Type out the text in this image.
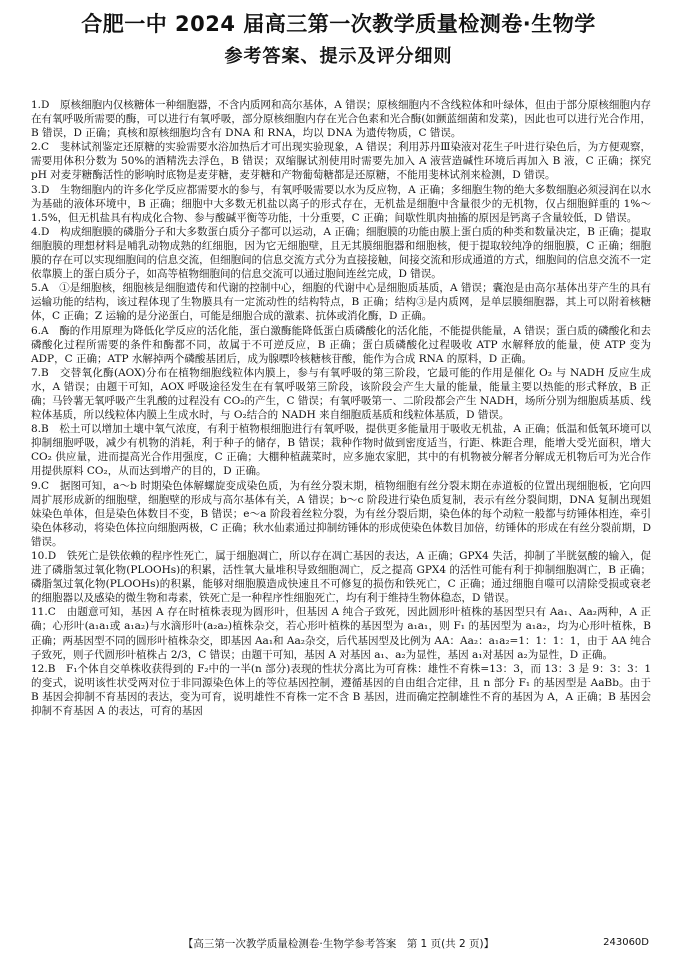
合肥一中 2024 届高三第一次教学质量检测卷·生物学
参考答案、提示及评分细则

1.D　 原核细胞内仅核糖体一种细胞器，不含内质网和高尔基体，A 错误；原核细胞内不含线粒体和叶绿体，但由于部分原核细胞内存在有氧呼吸所需要的酶，可以进行有氧呼吸，部分原核细胞内存在光合色素和光合酶(如颤蓝细菌和发菜)，因此也可以进行光合作用，B 错误，D 正确；真核和原核细胞均含有 DNA 和 RNA，均以 DNA 为遗传物质，C 错误。

2.C　 斐林试剂鉴定还原糖的实验需要水浴加热后才可出现实验现象，A 错误；利用苏丹Ⅲ染液对花生子叶进行染色后，为方便观察，需要用体积分数为 50%的酒精洗去浮色，B 错误；双缩脲试剂使用时需要先加入 A 液营造碱性环境后再加入 B 液，C 正确；探究 pH 对麦芽糖酶活性的影响时底物是麦芽糖，麦芽糖和产物葡萄糖都是还原糖，不能用斐林试剂来检测，D 错误。

3.D　 生物细胞内的许多化学反应都需要水的参与，有氧呼吸需要以水为反应物，A 正确；多细胞生物的绝大多数细胞必须浸润在以水为基础的液体环境中，B 正确；细胞中大多数无机盐以离子的形式存在，无机盐是细胞中含量很少的无机物，仅占细胞鲜重的 1%～1.5%，但无机盐具有构成化合物、参与酸碱平衡等功能，十分重要，C 正确；间歇性肌肉抽搐的原因是钙离子含量较低，D 错误。

4.D　 构成细胞膜的磷脂分子和大多数蛋白质分子都可以运动，A 正确；细胞膜的功能由膜上蛋白质的种类和数量决定，B 正确；提取细胞膜的理想材料是哺乳动物成熟的红细胞，因为它无细胞壁，且无其膜细胞器和细胞核，便于提取较纯净的细胞膜，C 正确；细胞膜的存在可以实现细胞间的信息交流，但细胞间的信息交流方式分为直接接触，间接交流和形成通道的方式，细胞间的信息交流不一定依靠膜上的蛋白质分子，如高等植物细胞间的信息交流可以通过胞间连丝完成，D 错误。

5.A　 ①是细胞核，细胞核是细胞遗传和代谢的控制中心，细胞的代谢中心是细胞质基质，A 错误；囊泡是由高尔基体出芽产生的具有运输功能的结构，该过程体现了生物膜具有一定流动性的结构特点，B 正确；结构③是内质网，是单层膜细胞器，其上可以附着核糖体，C 正确；Z 运输的是分泌蛋白，可能是细胞合成的激素、抗体或消化酶，D 正确。

6.A　 酶的作用原理为降低化学反应的活化能，蛋白激酶能降低蛋白质磷酸化的活化能，不能提供能量，A 错误；蛋白质的磷酸化和去磷酸化过程所需要的条件和酶都不同，故属于不可逆反应，B 正确；蛋白质磷酸化过程吸收 ATP 水解释放的能量，使 ATP 变为 ADP，C 正确；ATP 水解掉两个磷酸基团后，成为腺嘌呤核糖核苷酸，能作为合成 RNA 的原料，D 正确。

7.B　 交替氧化酶(AOX)分布在植物细胞线粒体内膜上，参与有氧呼吸的第三阶段，它最可能的作用是催化 O₂ 与 NADH 反应生成水，A 错误；由题干可知，AOX 呼吸途径发生在有氧呼吸第三阶段，该阶段会产生大量的能量，能量主要以热能的形式释放，B 正确；马铃薯无氧呼吸产生乳酸的过程没有 CO₂的产生，C 错误；有氧呼吸第一、二阶段都会产生 NADH，场所分别为细胞质基质、线粒体基质，所以线粒体内膜上生成水时，与 O₂结合的 NADH 来自细胞质基质和线粒体基质，D 错误。

8.B　 松土可以增加土壤中氧气浓度，有利于植物根细胞进行有氧呼吸，提供更多能量用于吸收无机盐，A 正确；低温和低氧环境可以抑制细胞呼吸，减少有机物的消耗，利于种子的储存，B 错误；栽种作物时做到密度适当，行距、株距合理，能增大受光面积，增大 CO₂ 供应量，进而提高光合作用强度，C 正确；大棚种植蔬菜时，应多施农家肥，其中的有机物被分解者分解成无机物后可为光合作用提供原料 CO₂，从而达到增产的目的，D 正确。

9.C　 据图可知，a～b 时期染色体解螺旋变成染色质，为有丝分裂末期，植物细胞有丝分裂末期在赤道板的位置出现细胞板，它向四周扩展形成新的细胞壁，细胞壁的形成与高尔基体有关，A 错误；b～c 阶段进行染色质复制，表示有丝分裂间期，DNA 复制出现姐妹染色单体，但是染色体数目不变，B 错误；e～a 阶段着丝粒分裂，为有丝分裂后期，染色体的每个动粒一般都与纺锤体相连，牵引染色体移动，将染色体拉向细胞两极，C 正确；秋水仙素通过抑制纺锤体的形成使染色体数目加倍，纺锤体的形成在有丝分裂前期，D 错误。

10.D　 铁死亡是铁依赖的程序性死亡，属于细胞凋亡，所以存在凋亡基因的表达，A 正确；GPX4 失活，抑制了半胱氨酸的输入，促进了磷脂氢过氧化物(PLOOHs)的积累，活性氧大量堆积导致细胞凋亡，反之提高 GPX4 的活性可能有利于抑制细胞凋亡，B 正确；磷脂氢过氧化物(PLOOHs)的积累，能够对细胞膜造成快速且不可修复的损伤和铁死亡，C 正确；通过细胞自噬可以清除受损或衰老的细胞器以及感染的微生物和毒素，铁死亡是一种程序性细胞死亡，均有利于维持生物体稳态，D 错误。

11.C　 由题意可知，基因 A 存在时植株表现为圆形叶，但基因 A 纯合子致死，因此圆形叶植株的基因型只有 Aa₁、Aa₂两种，A 正确；心形叶(a₁a₁或 a₁a₂)与水滴形叶(a₂a₂)植株杂交，若心形叶植株的基因型为 a₁a₁，则 F₁ 的基因型为 a₁a₂，均为心形叶植株，B 正确；两基因型不同的圆形叶植株杂交，即基因 Aa₁和 Aa₂杂交，后代基因型及比例为 AA：Aa₂：a₁a₂=1：1：1：1，由于 AA 纯合子致死，则子代圆形叶植株占 2/3，C 错误；由题干可知，基因 A 对基因 a₁、a₂为显性，基因 a₁对基因 a₂为显性，D 正确。

12.B　 F₁个体自交单株收获得到的 F₂中的一半(n 部分)表现的性状分离比为可育株：雄性不育株=13：3，而 13：3 是 9：3：3：1 的变式，说明该性状受两对位于非同源染色体上的等位基因控制，遵循基因的自由组合定律，且 n 部分 F₁ 的基因型是 AaBb。由于 B 基因会抑制不育基因的表达，变为可育，说明雄性不育株一定不含 B 基因，进而确定控制雄性不育的基因为 A，A 正确；B 基因会抑制不育基因 A 的表达，可育的基因

【高三第一次教学质量检测卷·生物学参考答案　第 1 页(共 2 页)】	243060D
